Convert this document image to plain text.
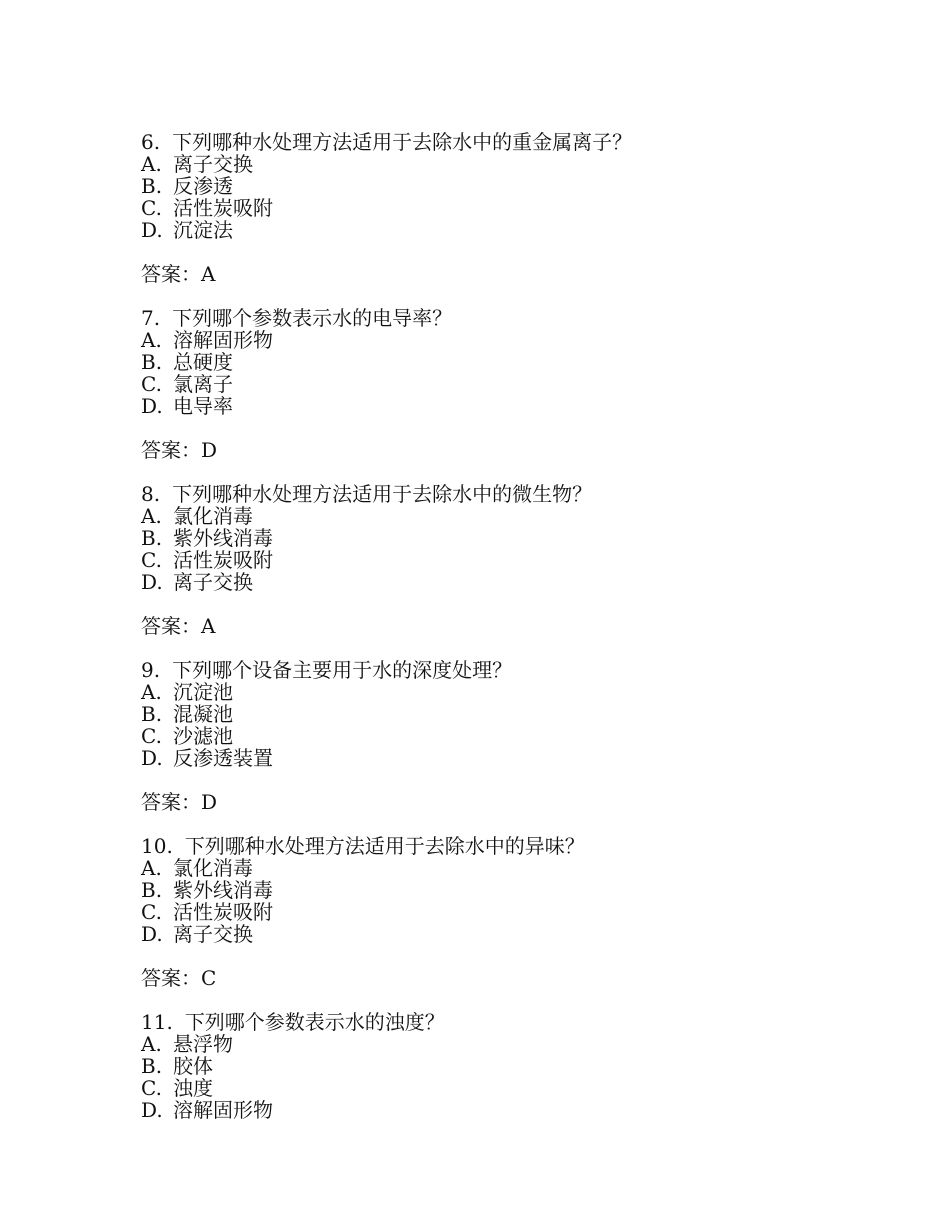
6. 下列哪种水处理方法适用于去除水中的重金属离子？
A. 离子交换
B. 反渗透
C. 活性炭吸附
D. 沉淀法
答案：A
7. 下列哪个参数表示水的电导率？
A. 溶解固形物
B. 总硬度
C. 氯离子
D. 电导率
答案：D
8. 下列哪种水处理方法适用于去除水中的微生物？
A. 氯化消毒
B. 紫外线消毒
C. 活性炭吸附
D. 离子交换
答案：A
9. 下列哪个设备主要用于水的深度处理？
A. 沉淀池
B. 混凝池
C. 沙滤池
D. 反渗透装置
答案：D
10. 下列哪种水处理方法适用于去除水中的异味？
A. 氯化消毒
B. 紫外线消毒
C. 活性炭吸附
D. 离子交换
答案：C
11. 下列哪个参数表示水的浊度？
A. 悬浮物
B. 胶体
C. 浊度
D. 溶解固形物
